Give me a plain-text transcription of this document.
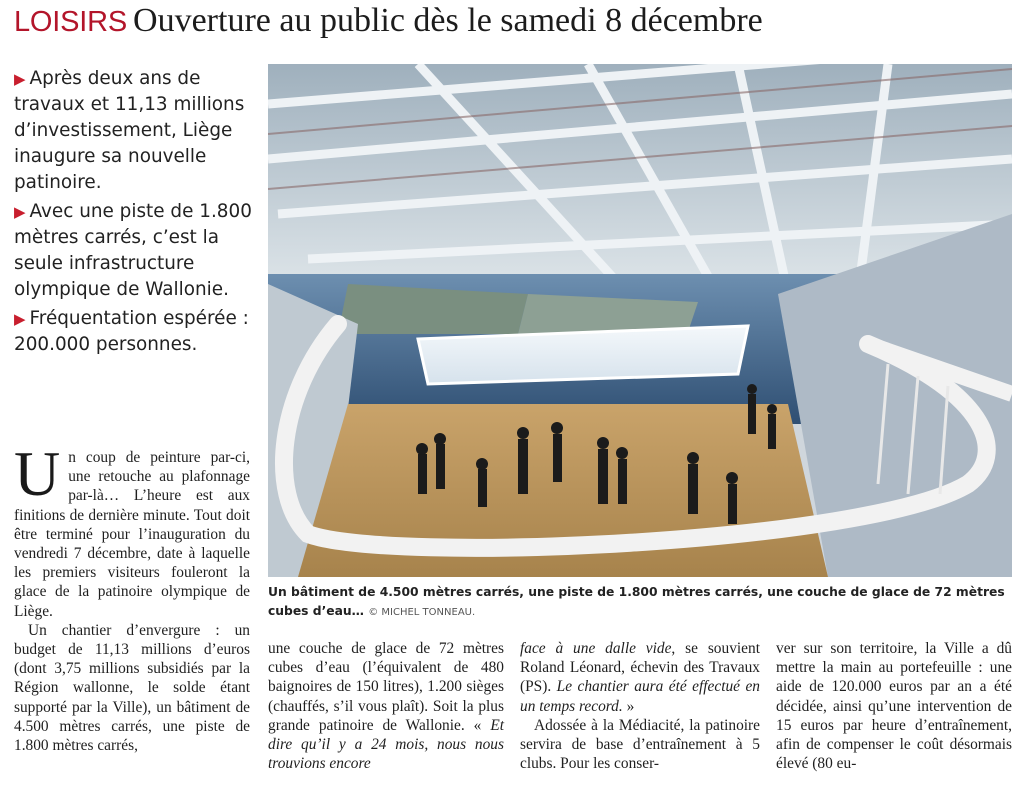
LOISIRS Ouverture au public dès le samedi 8 décembre
▶ Après deux ans de travaux et 11,13 millions d’investissement, Liège inaugure sa nouvelle patinoire.
▶ Avec une piste de 1.800 mètres carrés, c’est la seule infrastructure olympique de Wallonie.
▶ Fréquentation espérée : 200.000 personnes.
Un bâtiment de 4.500 mètres carrés, une piste de 1.800 mètres carrés, une couche de glace de 72 mètres cubes d’eau… © MICHEL TONNEAU.

Un coup de peinture par-ci, une retouche au plafonnage par-là… L’heure est aux finitions de dernière minute. Tout doit être terminé pour l’inauguration du vendredi 7 décembre, date à laquelle les premiers visiteurs fouleront la glace de la patinoire olympique de Liège.

Un chantier d’envergure : un budget de 11,13 millions d’euros (dont 3,75 millions subsidiés par la Région wallonne, le solde étant supporté par la Ville), un bâtiment de 4.500 mètres carrés, une piste de 1.800 mètres carrés,

une couche de glace de 72 mètres cubes d’eau (l’équivalent de 480 baignoires de 150 litres), 1.200 sièges (chauffés, s’il vous plaît). Soit la plus grande patinoire de Wallonie. « Et dire qu’il y a 24 mois, nous nous trouvions encore

face à une dalle vide, se souvient Roland Léonard, échevin des Travaux (PS). Le chantier aura été effectué en un temps record. »

Adossée à la Médiacité, la patinoire servira de base d’entraînement à 5 clubs. Pour les conser-

ver sur son territoire, la Ville a dû mettre la main au portefeuille : une aide de 120.000 euros par an a été décidée, ainsi qu’une intervention de 15 euros par heure d’entraînement, afin de compenser le coût désormais élevé (80 eu-
